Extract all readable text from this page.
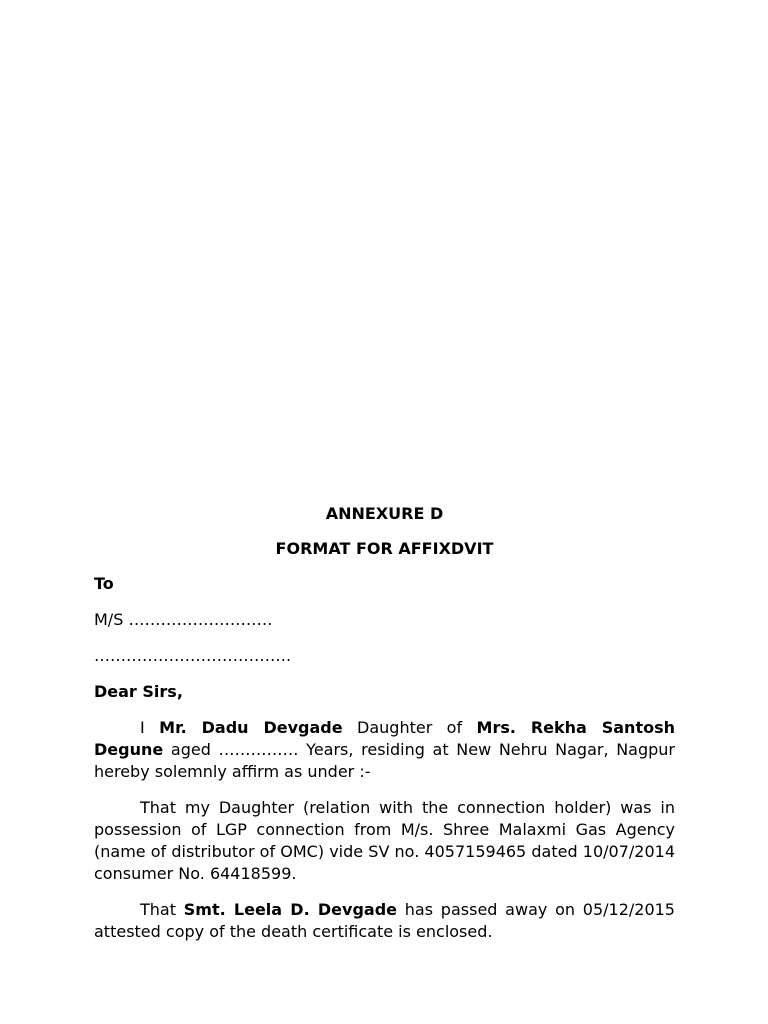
ANNEXURE D

FORMAT FOR AFFIXDVIT

To

M/S ………………………

……………………………….

Dear Sirs,

I Mr. Dadu Devgade Daughter of Mrs. Rekha Santosh Degune aged …………… Years, residing at New Nehru Nagar, Nagpur hereby solemnly affirm as under :-

That my Daughter (relation with the connection holder) was in possession of LGP connection from M/s. Shree Malaxmi Gas Agency (name of distributor of OMC) vide SV no. 4057159465 dated 10/07/2014 consumer No. 64418599.

That Smt. Leela D. Devgade has passed away on 05/12/2015 attested copy of the death certificate is enclosed.
